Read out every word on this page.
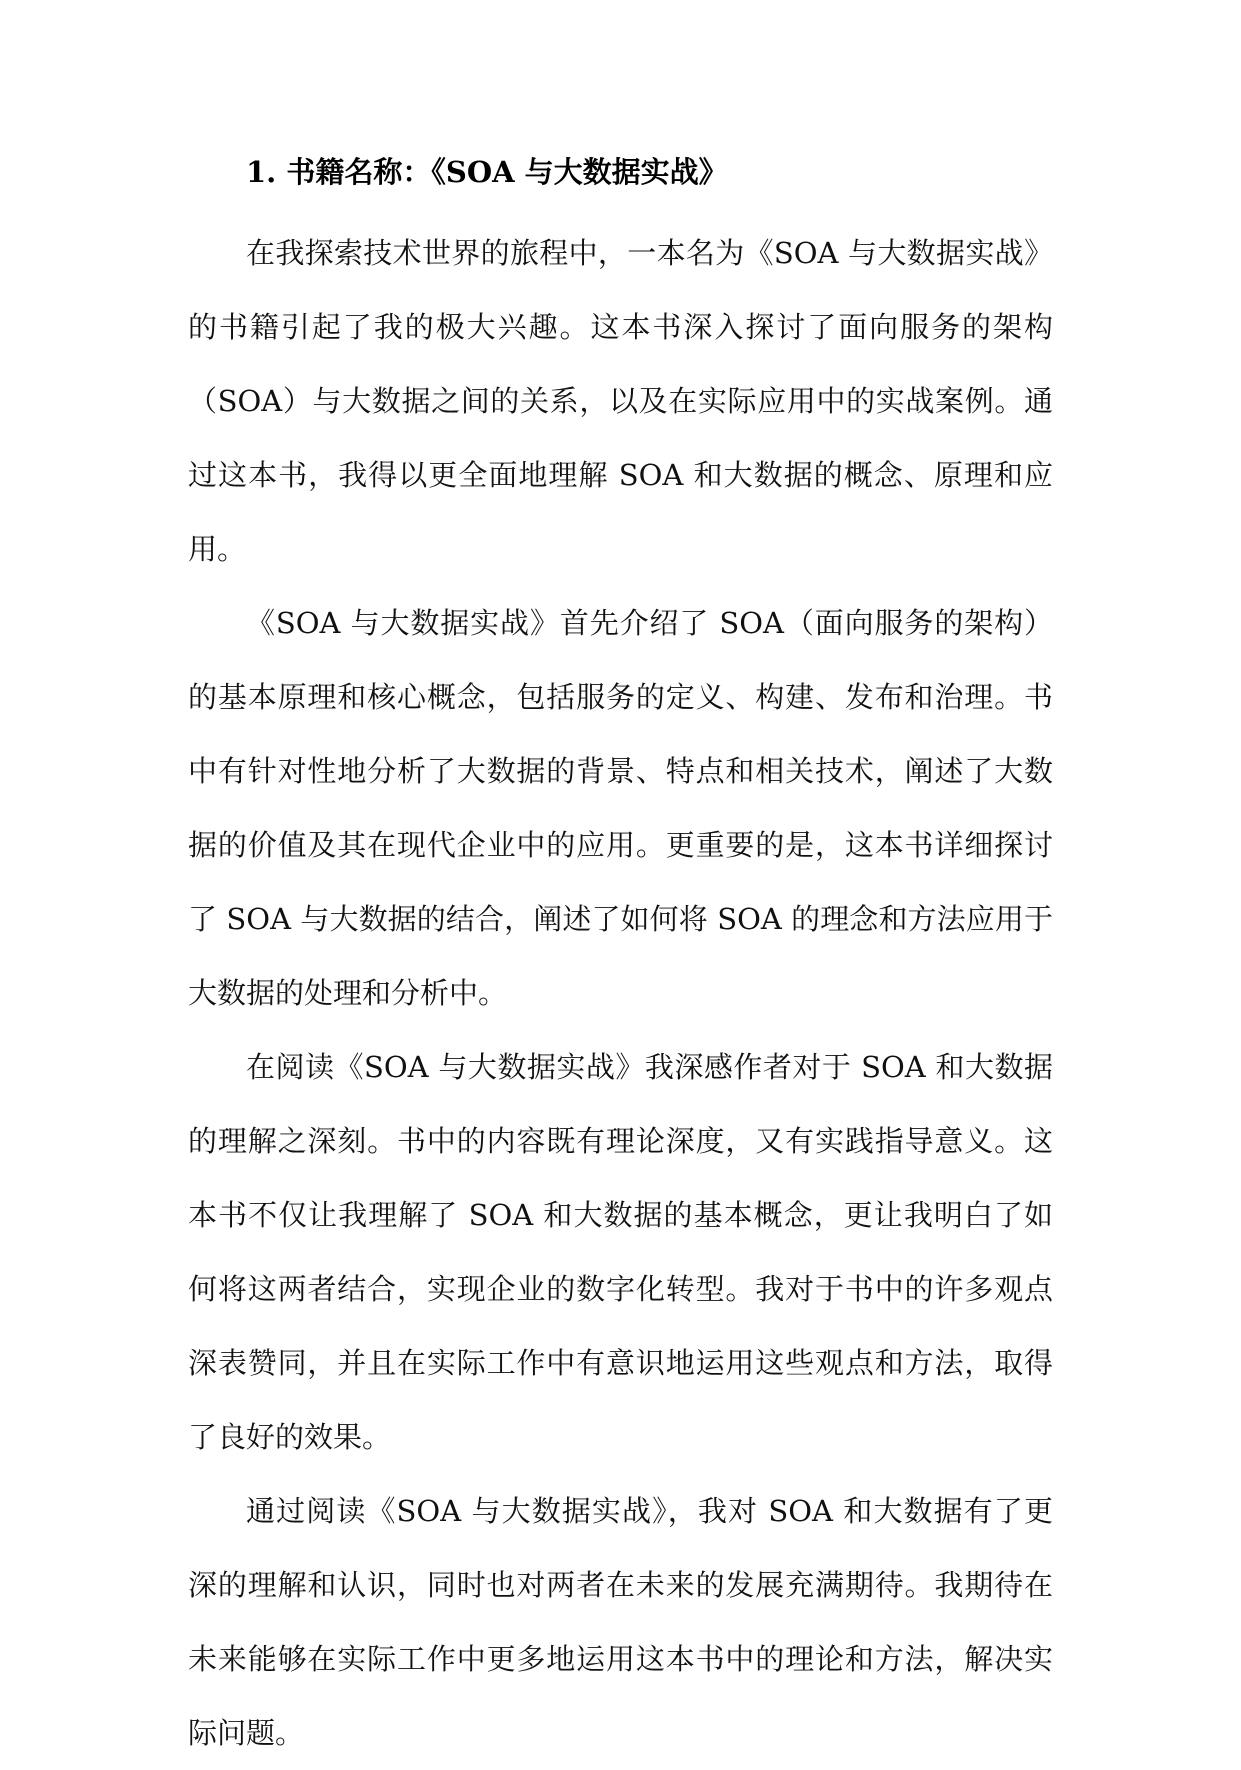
1. 书籍名称：《SOA 与大数据实战》

在我探索技术世界的旅程中，一本名为《SOA 与大数据实战》的书籍引起了我的极大兴趣。这本书深入探讨了面向服务的架构（SOA）与大数据之间的关系，以及在实际应用中的实战案例。通过这本书，我得以更全面地理解 SOA 和大数据的概念、原理和应用。

《SOA 与大数据实战》首先介绍了 SOA（面向服务的架构）的基本原理和核心概念，包括服务的定义、构建、发布和治理。书中有针对性地分析了大数据的背景、特点和相关技术，阐述了大数据的价值及其在现代企业中的应用。更重要的是，这本书详细探讨了 SOA 与大数据的结合，阐述了如何将 SOA 的理念和方法应用于大数据的处理和分析中。

在阅读《SOA 与大数据实战》我深感作者对于 SOA 和大数据的理解之深刻。书中的内容既有理论深度，又有实践指导意义。这本书不仅让我理解了 SOA 和大数据的基本概念，更让我明白了如何将这两者结合，实现企业的数字化转型。我对于书中的许多观点深表赞同，并且在实际工作中有意识地运用这些观点和方法，取得了良好的效果。

通过阅读《SOA 与大数据实战》，我对 SOA 和大数据有了更深的理解和认识，同时也对两者在未来的发展充满期待。我期待在未来能够在实际工作中更多地运用这本书中的理论和方法，解决实际问题。
